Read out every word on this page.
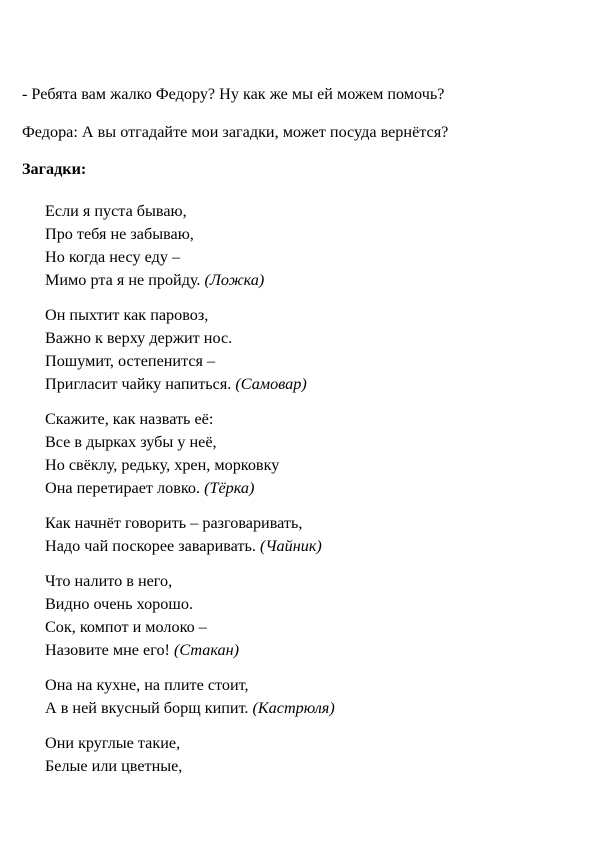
- Ребята вам жалко Федору? Ну как же мы ей можем помочь?
Федора: А вы отгадайте мои загадки, может посуда вернётся?
Загадки:
Если я пуста бываю,
Про тебя не забываю,
Но когда несу еду –
Мимо рта я не пройду. (Ложка)
Он пыхтит как паровоз,
Важно к верху держит нос.
Пошумит, остепенится –
Пригласит чайку напиться. (Самовар)
Скажите, как назвать её:
Все в дырках зубы у неё,
Но свёклу, редьку, хрен, морковку
Она перетирает ловко. (Тёрка)
Как начнёт говорить – разговаривать,
Надо чай поскорее заваривать. (Чайник)
Что налито в него,
Видно очень хорошо.
Сок, компот и молоко –
Назовите мне его! (Стакан)
Она на кухне, на плите стоит,
А в ней вкусный борщ кипит. (Кастрюля)
Они круглые такие,
Белые или цветные,
